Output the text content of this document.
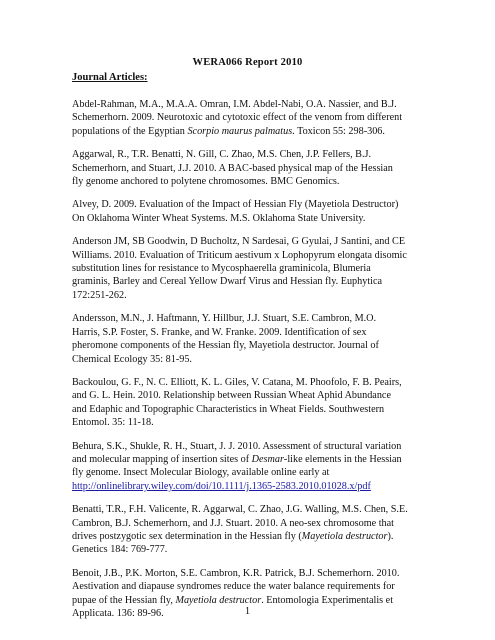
WERA066 Report 2010
Journal Articles:
Abdel-Rahman, M.A., M.A.A. Omran, I.M. Abdel-Nabi, O.A. Nassier, and B.J.
Schemerhorn. 2009. Neurotoxic and cytotoxic effect of the venom from different
populations of the Egyptian Scorpio maurus palmatus. Toxicon 55: 298-306.
Aggarwal, R., T.R. Benatti, N. Gill, C. Zhao, M.S. Chen, J.P. Fellers, B.J.
Schemerhorn, and Stuart, J.J. 2010. A BAC-based physical map of the Hessian
fly genome anchored to polytene chromosomes. BMC Genomics.
Alvey, D. 2009. Evaluation of the Impact of Hessian Fly (Mayetiola Destructor)
On Oklahoma Winter Wheat Systems. M.S. Oklahoma State University.
Anderson JM, SB Goodwin, D Bucholtz, N Sardesai, G Gyulai, J Santini, and CE
Williams. 2010. Evaluation of Triticum aestivum x Lophopyrum elongata disomic
substitution lines for resistance to Mycosphaerella graminicola, Blumeria
graminis, Barley and Cereal Yellow Dwarf Virus and Hessian fly. Euphytica
172:251-262.
Andersson, M.N., J. Haftmann, Y. Hillbur, J.J. Stuart, S.E. Cambron, M.O.
Harris, S.P. Foster, S. Franke, and W. Franke. 2009. Identification of sex
pheromone components of the Hessian fly, Mayetiola destructor. Journal of
Chemical Ecology 35: 81-95.
Backoulou, G. F., N. C. Elliott, K. L. Giles, V. Catana, M. Phoofolo, F. B. Peairs,
and G. L. Hein. 2010. Relationship between Russian Wheat Aphid Abundance
and Edaphic and Topographic Characteristics in Wheat Fields. Southwestern
Entomol. 35: 11-18.
Behura, S.K., Shukle, R. H., Stuart, J. J. 2010. Assessment of structural variation
and molecular mapping of insertion sites of Desmar-like elements in the Hessian
fly genome. Insect Molecular Biology, available online early at
http://onlinelibrary.wiley.com/doi/10.1111/j.1365-2583.2010.01028.x/pdf
Benatti, T.R., F.H. Valicente, R. Aggarwal, C. Zhao, J.G. Walling, M.S. Chen, S.E.
Cambron, B.J. Schemerhorn, and J.J. Stuart. 2010. A neo-sex chromosome that
drives postzygotic sex determination in the Hessian fly (Mayetiola destructor).
Genetics 184: 769-777.
Benoit, J.B., P.K. Morton, S.E. Cambron, K.R. Patrick, B.J. Schemerhorn. 2010.
Aestivation and diapause syndromes reduce the water balance requirements for
pupae of the Hessian fly, Mayetiola destructor. Entomologia Experimentalis et
Applicata. 136: 89-96.	1
